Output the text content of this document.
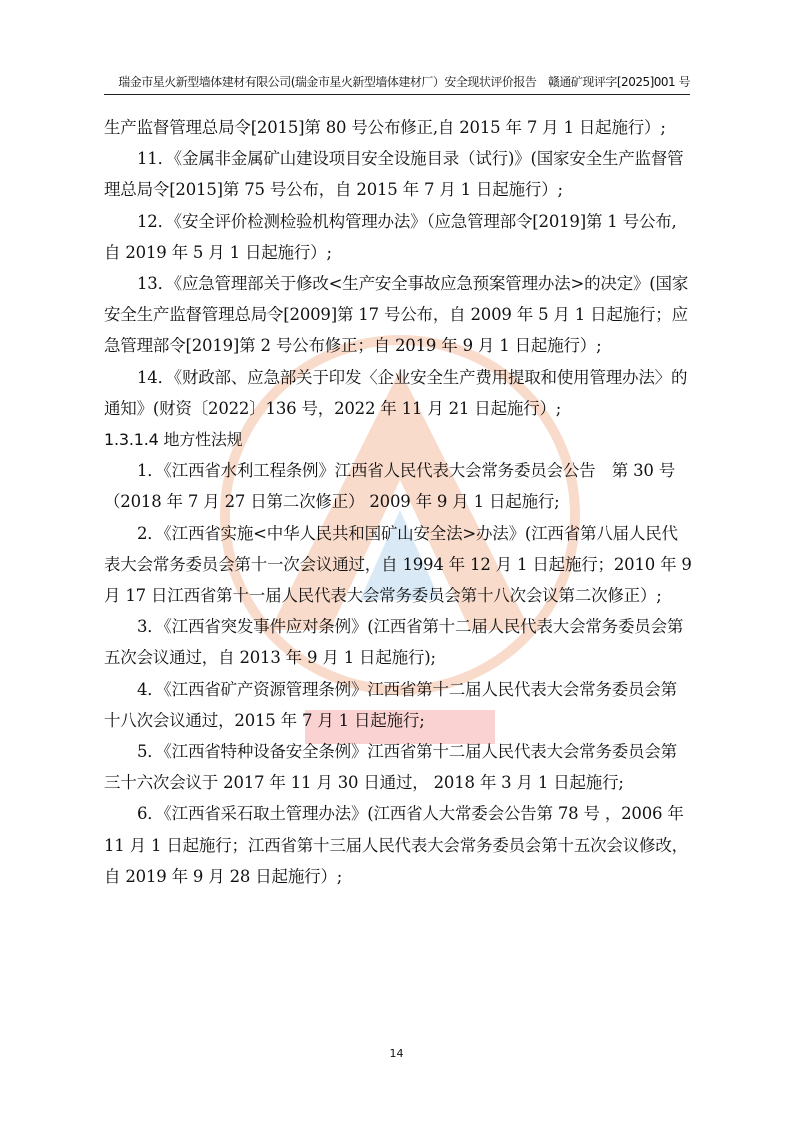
瑞金市星火新型墙体建材有限公司(瑞金市星火新型墙体建材厂）安全现状评价报告　赣通矿现评字[2025]001 号

生产监督管理总局令[2015]第 80 号公布修正,自 2015 年 7 月 1 日起施行）;

11．《金属非金属矿山建设项目安全设施目录（试行)》(国家安全生产监督管理总局令[2015]第 75 号公布，自 2015 年 7 月 1 日起施行）;

12．《安全评价检测检验机构管理办法》（应急管理部令[2019]第 1 号公布,自 2019 年 5 月 1 日起施行）;

13．《应急管理部关于修改<生产安全事故应急预案管理办法>的决定》(国家安全生产监督管理总局令[2009]第 17 号公布，自 2009 年 5 月 1 日起施行；应急管理部令[2019]第 2 号公布修正；自 2019 年 9 月 1 日起施行）;

14．《财政部、应急部关于印发〈企业安全生产费用提取和使用管理办法〉的通知》(财资〔2022〕136 号，2022 年 11 月 21 日起施行）;

1.3.1.4 地方性法规

1．《江西省水利工程条例》江西省人民代表大会常务委员会公告　第 30 号 （2018 年 7 月 27 日第二次修正） 2009 年 9 月 1 日起施行;

2．《江西省实施<中华人民共和国矿山安全法>办法》(江西省第八届人民代表大会常务委员会第十一次会议通过，自 1994 年 12 月 1 日起施行；2010 年 9 月 17 日江西省第十一届人民代表大会常务委员会第十八次会议第二次修正）;

3．《江西省突发事件应对条例》(江西省第十二届人民代表大会常务委员会第五次会议通过，自 2013 年 9 月 1 日起施行);

4．《江西省矿产资源管理条例》江西省第十二届人民代表大会常务委员会第十八次会议通过，2015 年 7 月 1 日起施行;

5．《江西省特种设备安全条例》江西省第十二届人民代表大会常务委员会第三十六次会议于 2017 年 11 月 30 日通过， 2018 年 3 月 1 日起施行;

6．《江西省采石取土管理办法》(江西省人大常委会公告第 78 号 ，2006 年 11 月 1 日起施行；江西省第十三届人民代表大会常务委员会第十五次会议修改，自 2019 年 9 月 28 日起施行）;

14
